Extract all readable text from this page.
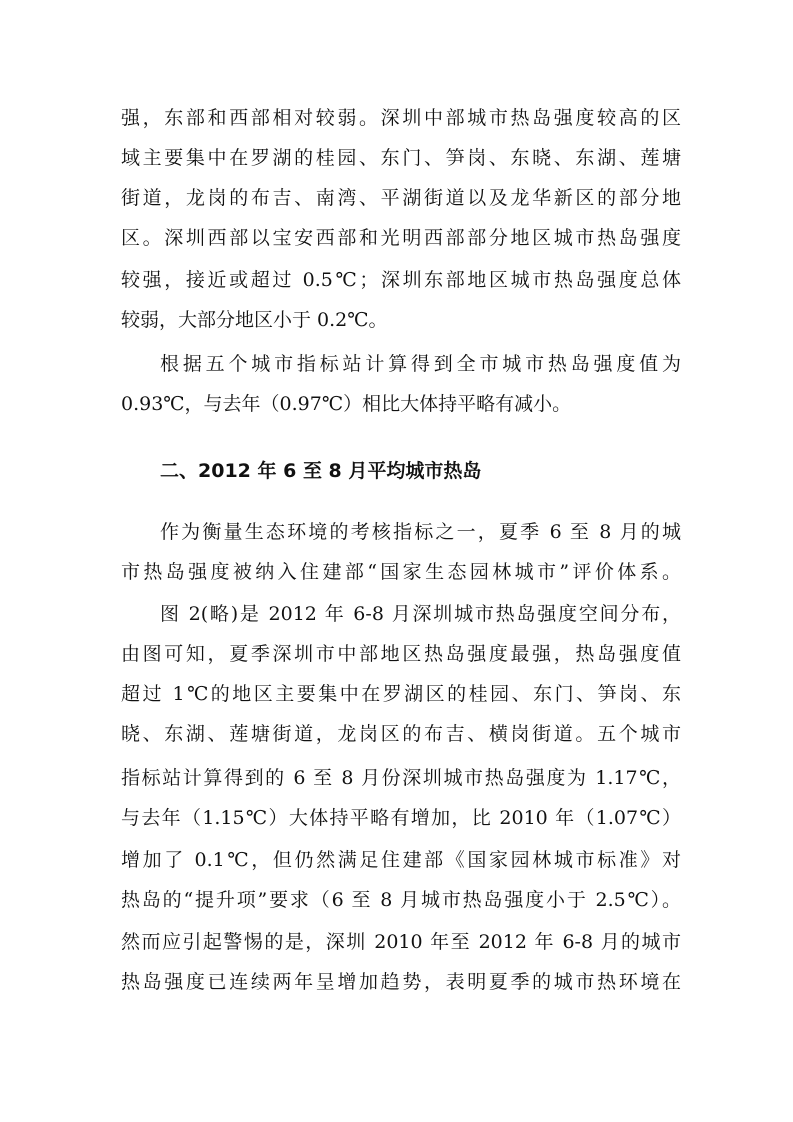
强，东部和西部相对较弱。深圳中部城市热岛强度较高的区
域主要集中在罗湖的桂园、东门、笋岗、东晓、东湖、莲塘
街道，龙岗的布吉、南湾、平湖街道以及龙华新区的部分地
区。深圳西部以宝安西部和光明西部部分地区城市热岛强度
较强，接近或超过 0.5℃；深圳东部地区城市热岛强度总体
较弱，大部分地区小于 0.2℃。
根据五个城市指标站计算得到全市城市热岛强度值为
0.93℃，与去年（0.97℃）相比大体持平略有减小。
二、2012 年 6 至 8 月平均城市热岛
作为衡量生态环境的考核指标之一，夏季 6 至 8 月的城
市热岛强度被纳入住建部“国家生态园林城市”评价体系。
图 2(略)是 2012 年 6-8 月深圳城市热岛强度空间分布，
由图可知，夏季深圳市中部地区热岛强度最强，热岛强度值
超过 1℃的地区主要集中在罗湖区的桂园、东门、笋岗、东
晓、东湖、莲塘街道，龙岗区的布吉、横岗街道。五个城市
指标站计算得到的 6 至 8 月份深圳城市热岛强度为 1.17℃，
与去年（1.15℃）大体持平略有增加，比 2010 年（1.07℃）
增加了 0.1℃，但仍然满足住建部《国家园林城市标准》对
热岛的“提升项”要求（6 至 8 月城市热岛强度小于 2.5℃）。
然而应引起警惕的是，深圳 2010 年至 2012 年 6-8 月的城市
热岛强度已连续两年呈增加趋势，表明夏季的城市热环境在
